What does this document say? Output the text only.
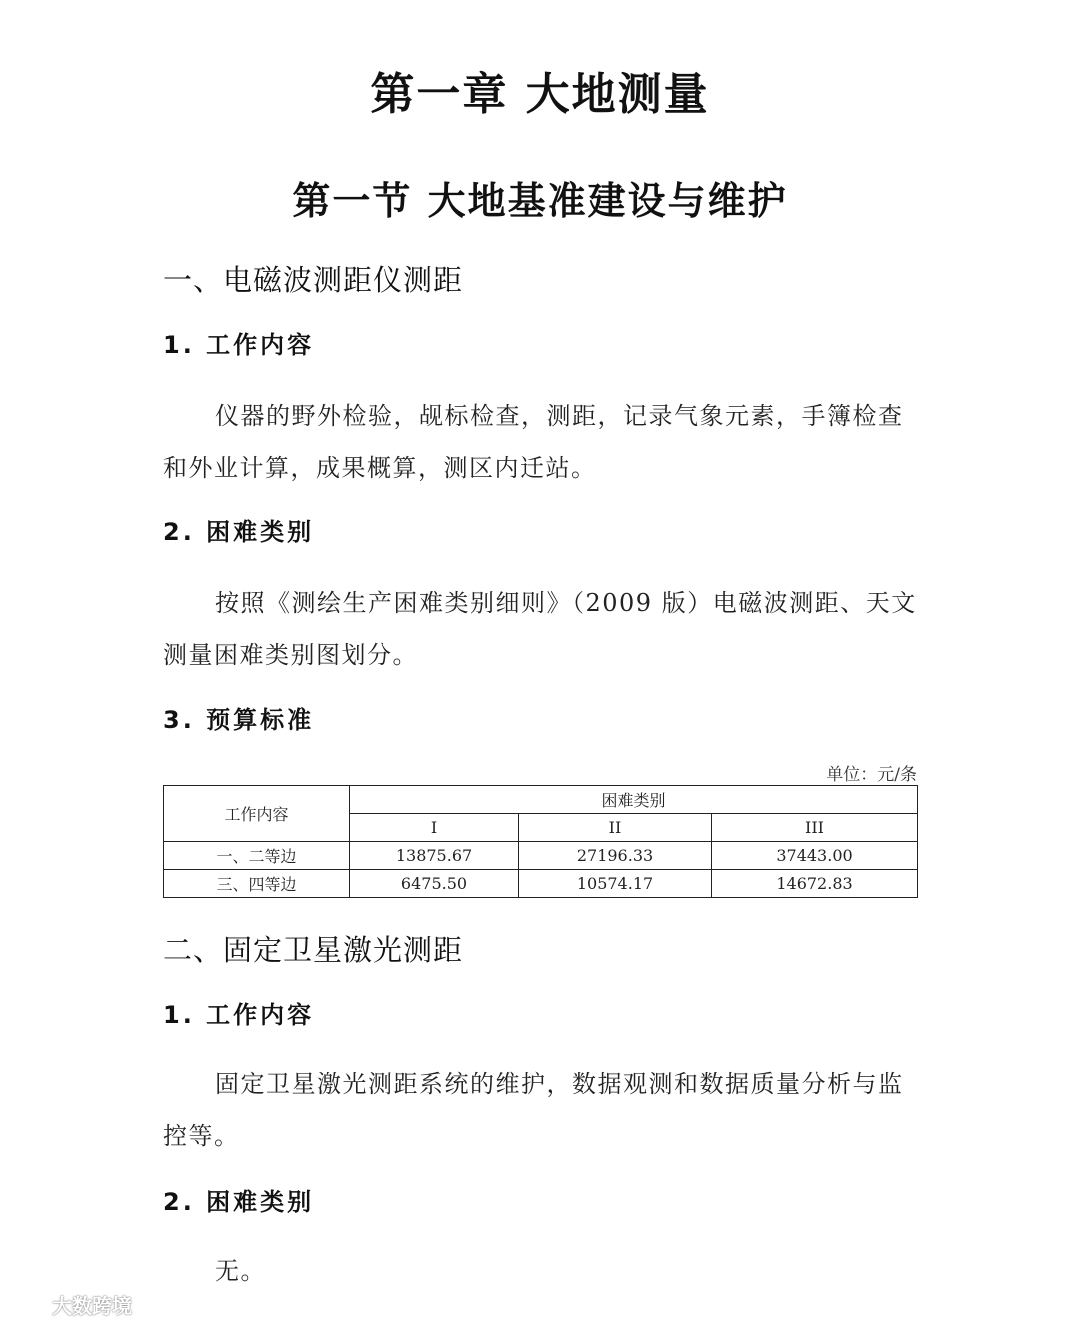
第一章 大地测量
第一节 大地基准建设与维护
一、电磁波测距仪测距
1. 工作内容
仪器的野外检验，觇标检查，测距，记录气象元素，手簿检查和外业计算，成果概算，测区内迁站。
2. 困难类别
按照《测绘生产困难类别细则》（2009 版）电磁波测距、天文测量困难类别图划分。
3. 预算标准
单位：元/条
工作内容	困难类别		
	I	II	III
一、二等边	13875.67	27196.33	37443.00
三、四等边	6475.50	10574.17	14672.83
二、固定卫星激光测距
1. 工作内容
固定卫星激光测距系统的维护，数据观测和数据质量分析与监控等。
2. 困难类别
无。
大数跨境
